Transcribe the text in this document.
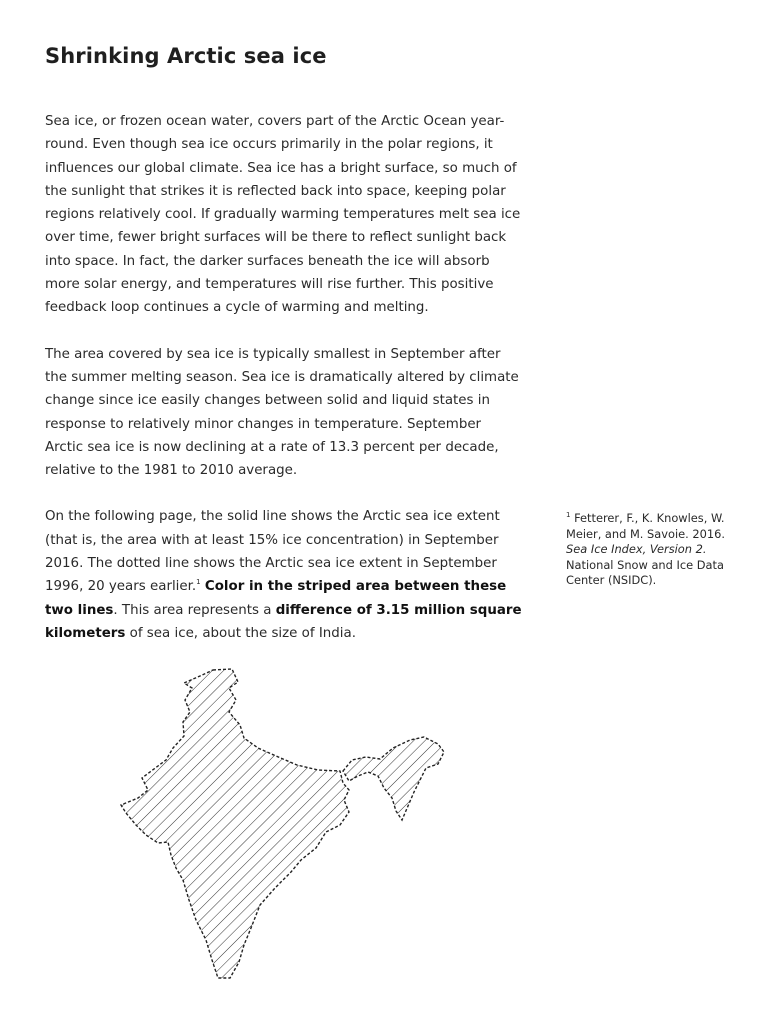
Shrinking Arctic sea ice

Sea ice, or frozen ocean water, covers part of the Arctic Ocean year-round. Even though sea ice occurs primarily in the polar regions, it influences our global climate. Sea ice has a bright surface, so much of the sunlight that strikes it is reflected back into space, keeping polar regions relatively cool. If gradually warming temperatures melt sea ice over time, fewer bright surfaces will be there to reflect sunlight back into space. In fact, the darker surfaces beneath the ice will absorb more solar energy, and temperatures will rise further. This positive feedback loop continues a cycle of warming and melting.

The area covered by sea ice is typically smallest in September after the summer melting season. Sea ice is dramatically altered by climate change since ice easily changes between solid and liquid states in response to relatively minor changes in temperature. September Arctic sea ice is now declining at a rate of 13.3 percent per decade, relative to the 1981 to 2010 average.

On the following page, the solid line shows the Arctic sea ice extent (that is, the area with at least 15% ice concentration) in September 2016. The dotted line shows the Arctic sea ice extent in September 1996, 20 years earlier.$^1$ Color in the striped area between these two lines. This area represents a difference of 3.15 million square kilometers of sea ice, about the size of India.

$^1$ Fetterer, F., K. Knowles, W. Meier, and M. Savoie. 2016. Sea Ice Index, Version 2. National Snow and Ice Data Center (NSIDC).
